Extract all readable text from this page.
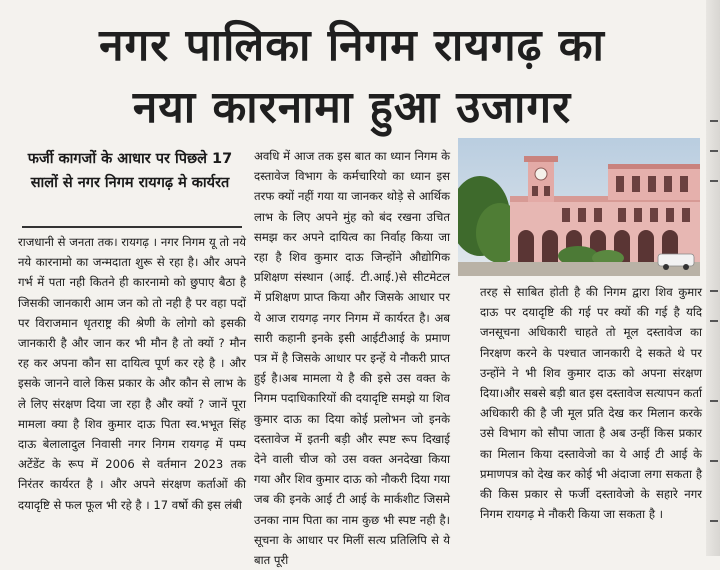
नगर पालिका निगम रायगढ़ का
नया कारनामा हुआ उजागर
फर्जी कागजों के आधार पर पिछले 17 सालों से नगर निगम रायगढ़ मे कार्यरत

राजधानी से जनता तक। रायगढ़ । नगर निगम यू तो नये नये कारनामो का जन्मदाता शुरू से रहा है। और अपने गर्भ में पता नही कितने ही कारनामो को छुपाए बैठा है जिसकी जानकारी आम जन को तो नही है पर वहा पदों पर विराजमान धृतराष्ट्र की श्रेणी के लोगो को इसकी जानकारी है और जान कर भी मौन है तो क्यों ? मौन रह कर अपना कौन सा दायित्व पूर्ण कर रहे है । और इसके जानने वाले किस प्रकार के और कौन से लाभ के ले लिए संरक्षण दिया जा रहा है और क्यों ? जानें पूरा मामला क्या है शिव कुमार दाऊ पिता स्व.भभूत सिंह दाऊ बेलालादुल निवासी नगर निगम रायगढ़ में पम्प अटेंडेंट के रूप में 2006 से वर्तमान 2023 तक निरंतर कार्यरत है । और अपने संरक्षण कर्ताओं की दयादृष्टि से फल फूल भी रहे है । 17 वर्षो की इस लंबी

अवधि में आज तक इस बात का ध्यान निगम के दस्तावेज विभाग के कर्मचारियो का ध्यान इस तरफ क्यों नहीं गया या जानकर थोड़े से आर्थिक लाभ के लिए अपने मुंह को बंद रखना उचित समझ कर अपने दायित्व का निर्वाह किया जा रहा है शिव कुमार दाऊ जिन्होंने औद्योगिक प्रशिक्षण संस्थान (आई. टी.आई.)से सीटमेटल में प्रशिक्षण प्राप्त किया और जिसके आधार पर ये आज रायगढ़ नगर निगम में कार्यरत है। अब सारी कहानी इनके इसी आईटीआई के प्रमाण पत्र में है जिसके आधार पर इन्हें ये नौकरी प्राप्त हुई है।अब मामला ये है की इसे उस वक्त के निगम पदाधिकारियों की दयादृष्टि समझे या शिव कुमार दाऊ का दिया कोई प्रलोभन जो इनके दस्तावेज में इतनी बड़ी और स्पष्ट रूप दिखाई देने वाली चीज को उस वक्त अनदेखा किया गया और शिव कुमार दाऊ को नौकरी दिया गया जब की इनके आई टी आई के मार्कशीट जिसमे उनका नाम पिता का नाम कुछ भी स्पष्ट नही है। सूचना के आधार पर मिलीं सत्य प्रतिलिपि से ये बात पूरी

तरह से साबित होती है की निगम द्वारा शिव कुमार दाऊ पर दयादृष्टि की गई पर क्यों की गई है यदि जनसूचना अधिकारी चाहते तो मूल दस्तावेज का निरक्षण करने के पश्चात जानकारी दे सकते थे पर उन्होंने ने भी शिव कुमार दाऊ को अपना संरक्षण दिया।और सबसे बड़ी बात इस दस्तावेज सत्यापन कर्ता अधिकारी की है जी मूल प्रति देख कर मिलान करके उसे विभाग को सौपा जाता है अब उन्हीं किस प्रकार का मिलान किया दस्तावेजो का ये आई टी आई के प्रमाणपत्र को देख कर कोई भी अंदाजा लगा सकता है की किस प्रकार से फर्जी दस्तावेजो के सहारे नगर निगम रायगढ़ मे नौकरी किया जा सकता है ।
